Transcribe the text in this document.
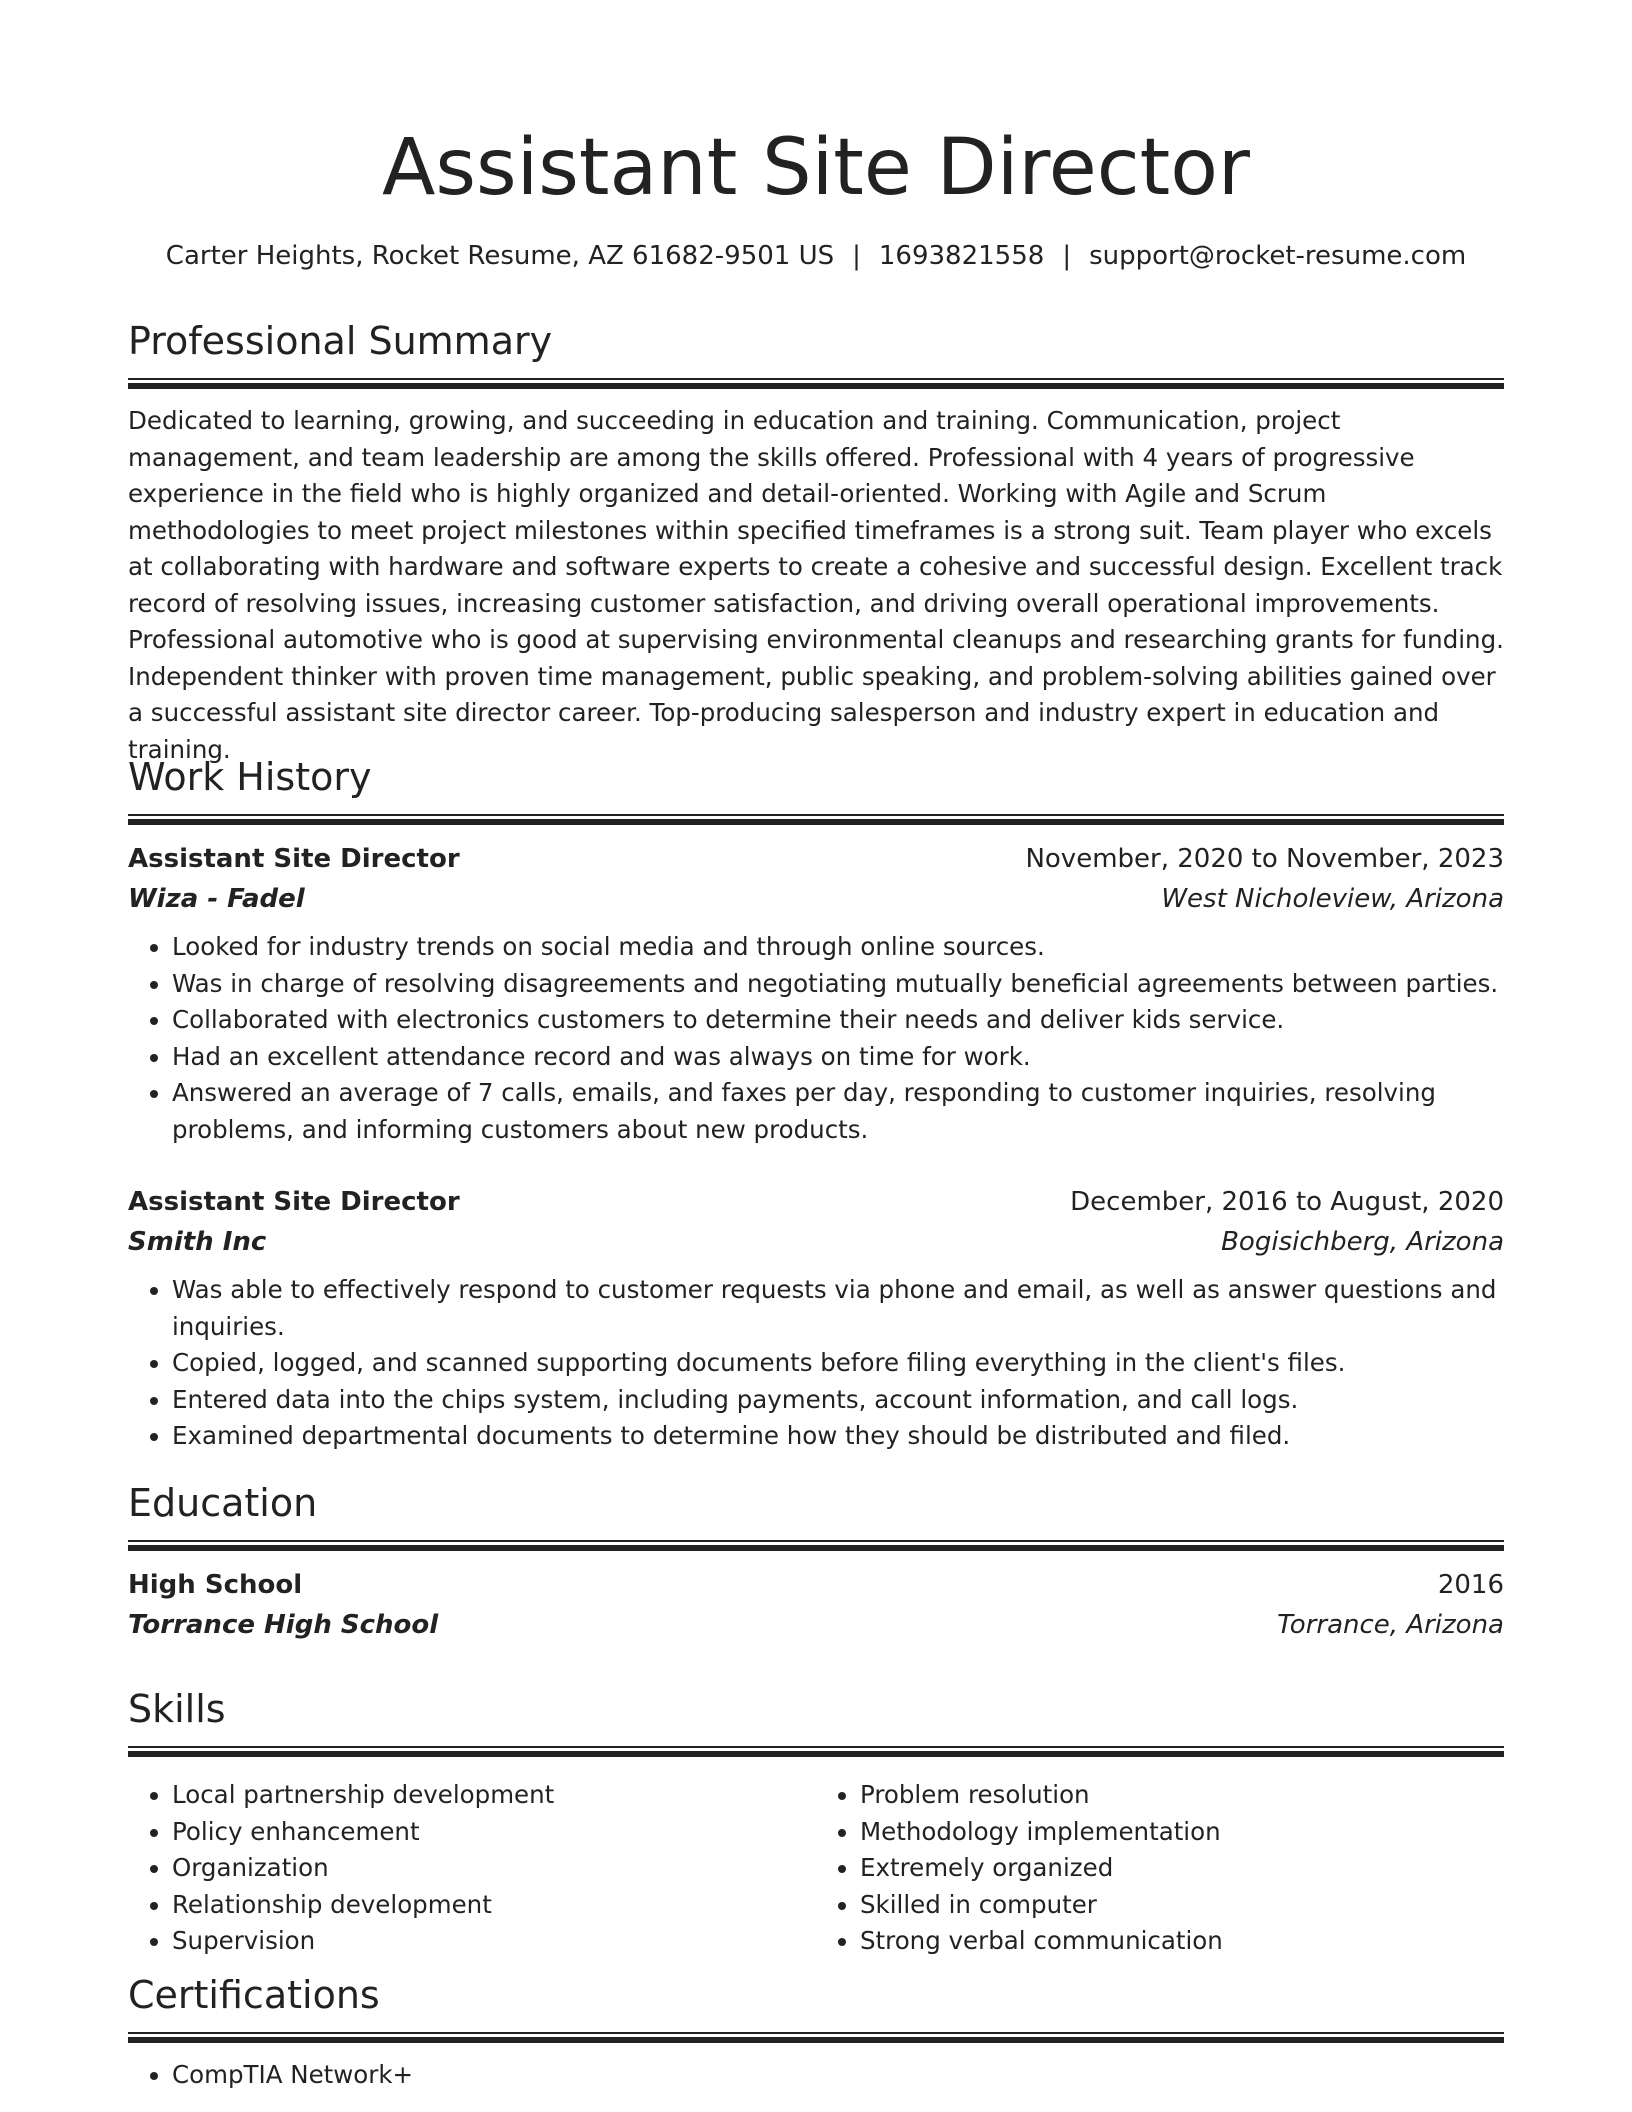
Assistant Site Director
Carter Heights, Rocket Resume, AZ 61682-9501 US | 1693821558 | support@rocket-resume.com
Professional Summary

Dedicated to learning, growing, and succeeding in education and training. Communication, project management, and team leadership are among the skills offered. Professional with 4 years of progressive experience in the field who is highly organized and detail-oriented. Working with Agile and Scrum methodologies to meet project milestones within specified timeframes is a strong suit. Team player who excels at collaborating with hardware and software experts to create a cohesive and successful design. Excellent track record of resolving issues, increasing customer satisfaction, and driving overall operational improvements. Professional automotive who is good at supervising environmental cleanups and researching grants for funding. Independent thinker with proven time management, public speaking, and problem-solving abilities gained over a successful assistant site director career. Top-producing salesperson and industry expert in education and training.

Work History
Assistant Site Director	November, 2020 to November, 2023
Wiza - Fadel	West Nicholeview, Arizona
• Looked for industry trends on social media and through online sources.
• Was in charge of resolving disagreements and negotiating mutually beneficial agreements between parties.
• Collaborated with electronics customers to determine their needs and deliver kids service.
• Had an excellent attendance record and was always on time for work.
• Answered an average of 7 calls, emails, and faxes per day, responding to customer inquiries, resolving problems, and informing customers about new products.
Assistant Site Director	December, 2016 to August, 2020
Smith Inc	Bogisichberg, Arizona
• Was able to effectively respond to customer requests via phone and email, as well as answer questions and inquiries.
• Copied, logged, and scanned supporting documents before filing everything in the client's files.
• Entered data into the chips system, including payments, account information, and call logs.
• Examined departmental documents to determine how they should be distributed and filed.
Education
High School	2016
Torrance High School	Torrance, Arizona
Skills
• Local partnership development
• Policy enhancement
• Organization
• Relationship development
• Supervision
• Problem resolution
• Methodology implementation
• Extremely organized
• Skilled in computer
• Strong verbal communication
Certifications
• CompTIA Network+
